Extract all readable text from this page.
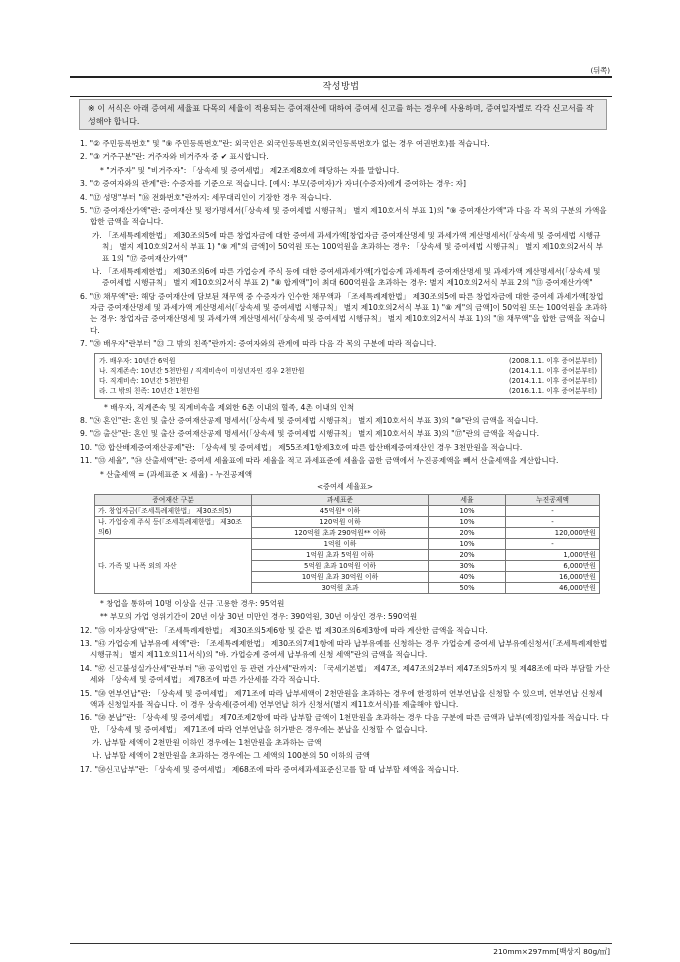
(뒤쪽)
작성방법
※ 이 서식은 아래 증여세 세율표 다목의 세율이 적용되는 증여재산에 대하여 증여세 신고를 하는 경우에 사용하며, 증여일자별로 각각 신고서를 작성해야 합니다.
1. "② 주민등록번호" 및 "⑨ 주민등록번호"란: 외국인은 외국인등록번호(외국인등록번호가 없는 경우 여권번호)를 적습니다.
2. "③ 거주구분"란: 거주자와 비거주자 중 ✔ 표시합니다.
* "거주자" 및 "비거주자": 「상속세 및 증여세법」 제2조제8호에 해당하는 자를 말합니다.
3. "⑦ 증여자와의 관계"란: 수증자를 기준으로 적습니다. [예시: 부모(증여자)가 자녀(수증자)에게 증여하는 경우: 자]
4. "⑫ 성명"부터 "⑯ 전화번호"란까지: 세무대리인이 기장한 경우 적습니다.
5. "⑰ 증여재산가액"란: 증여재산 및 평가명세서(「상속세 및 증여세법 시행규칙」 별지 제10호서식 부표 1)의 "⑨ 증여재산가액"과 다음 각 목의 구분의 가액을 합한 금액을 적습니다.
가. 「조세특례제한법」 제30조의5에 따른 창업자금에 대한 증여세 과세가액[창업자금 증여재산명세 및 과세가액 계산명세서(「상속세 및 증여세법 시행규칙」 별지 제10호의2서식 부표 1) "⑨ 계"의 금액]이 50억원 또는 100억원을 초과하는 경우: 「상속세 및 증여세법 시행규칙」 별지 제10호의2서식 부표 1의 "⑰ 증여재산가액"
나. 「조세특례제한법」 제30조의6에 따른 가업승계 주식 등에 대한 증여세과세가액[가업승계 과세특례 증여재산명세 및 과세가액 계산명세서(「상속세 및 증여세법 시행규칙」 별지 제10호의2서식 부표 2) "⑧ 합계액"]이 최대 600억원을 초과하는 경우: 별지 제10호의2서식 부표 2의 "⑬ 증여재산가액"
6. "⑲ 채무액"란: 해당 증여재산에 담보된 채무액 중 수증자가 인수한 채무액과 「조세특례제한법」 제30조의5에 따른 창업자금에 대한 증여세 과세가액[창업자금 증여재산명세 및 과세가액 계산명세서(「상속세 및 증여세법 시행규칙」 별지 제10호의2서식 부표 1) "⑧ 계"의 금액]이 50억원 또는 100억원을 초과하는 경우: 창업자금 증여재산명세 및 과세가액 계산명세서(「상속세 및 증여세법 시행규칙」 별지 제10호의2서식 부표 1)의 "⑱ 채무액"을 합한 금액을 적습니다.
7. "⑳ 배우자"란부터 "㉓ 그 밖의 친족"란까지: 증여자와의 관계에 따라 다음 각 목의 구분에 따라 적습니다.
가. 배우자: 10년간 6억원	(2008.1.1. 이후 증여분부터)
나. 직계존속: 10년간 5천만원 / 직계비속이 미성년자인 경우 2천만원	(2014.1.1. 이후 증여분부터)
다. 직계비속: 10년간 5천만원	(2014.1.1. 이후 증여분부터)
라. 그 밖의 친족: 10년간 1천만원	(2016.1.1. 이후 증여분부터)
* 배우자, 직계존속 및 직계비속을 제외한 6촌 이내의 혈족, 4촌 이내의 인척
8. "㉔ 혼인"란: 혼인 및 출산 증여재산공제 명세서(「상속세 및 증여세법 시행규칙」 별지 제10호서식 부표 3)의 "⑩"란의 금액을 적습니다.
9. "㉕ 출산"란: 혼인 및 출산 증여재산공제 명세서(「상속세 및 증여세법 시행규칙」 별지 제10호서식 부표 3)의 "⑰"란의 금액을 적습니다.
10. "㉜ 합산배제증여재산공제"란: 「상속세 및 증여세법」 제55조제1항제3호에 따른 합산배제증여재산인 경우 3천만원을 적습니다.
11. "㉝ 세율", "㉞ 산출세액"란: 증여세 세율표에 따라 세율을 적고 과세표준에 세율을 곱한 금액에서 누진공제액을 빼서 산출세액을 계산합니다.
* 산출세액 = (과세표준 × 세율) - 누진공제액
<증여세 세율표>
증여재산 구분	과세표준	세율	누진공제액
가. 창업자금(「조세특례제한법」 제30조의5)	45억원* 이하	10%	-
나. 가업승계 주식 등(「조세특례제한법」 제30조의6)	120억원 이하	10%	-
	120억원 초과 290억원** 이하	20%	120,000만원
다. 가족 및 나폭 외의 자산	1억원 이하	10%	-
	1억원 초과 5억원 이하	20%	1,000만원
	5억원 초과 10억원 이하	30%	6,000만원
	10억원 초과 30억원 이하	40%	16,000만원
	30억원 초과	50%	46,000만원
* 창업을 통하여 10명 이상을 신규 고용한 경우: 95억원
** 부모의 가업 영위기간이 20년 이상 30년 미만인 경우: 390억원, 30년 이상인 경우: 590억원
12. "㉟ 이자상당액"란: 「조세특례제한법」 제30조의5제6항 및 같은 법 제30조의6제3항에 따라 계산한 금액을 적습니다.
13. "㊸ 가업승계 납부유예 세액"란: 「조세특례제한법」 제30조의7제1항에 따라 납부유예를 신청하는 경우 가업승계 증여세 납부유예신청서(「조세특례제한법 시행규칙」 별지 제11호의11서식)의 "바. 가업승계 증여세 납부유예 신청 세액"란의 금액을 적습니다.
14. "㊼ 신고불성실가산세"란부터 "㊾ 공익법인 등 관련 가산세"란까지: 「국세기본법」 제47조, 제47조의2부터 제47조의5까지 및 제48조에 따라 부담할 가산세와 「상속세 및 증여세법」 제78조에 따른 가산세를 각각 적습니다.
15. "㊿ 연부연납"란: 「상속세 및 증여세법」 제71조에 따라 납부세액이 2천만원을 초과하는 경우에 한정하여 연부연납을 신청할 수 있으며, 연부연납 신청세액과 신청일자를 적습니다. 이 경우 상속세(증여세) 연부연납 허가 신청서(별지 제11호서식)를 제출해야 합니다.
16. "㊿ 분납"란: 「상속세 및 증여세법」 제70조제2항에 따라 납부할 금액이 1천만원을 초과하는 경우 다음 구분에 따른 금액과 납부(예정)일자를 적습니다. 다만, 「상속세 및 증여세법」 제71조에 따라 연부연납을 허가받은 경우에는 분납을 신청할 수 없습니다.
가. 납부할 세액이 2천만원 이하인 경우에는 1천만원을 초과하는 금액
나. 납부할 세액이 2천만원을 초과하는 경우에는 그 세액의 100분의 50 이하의 금액
17. "㊿신고납부"란: 「상속세 및 증여세법」 제68조에 따라 증여세과세표준신고를 할 때 납부할 세액을 적습니다.
210mm×297mm[백상지 80g/㎡]
